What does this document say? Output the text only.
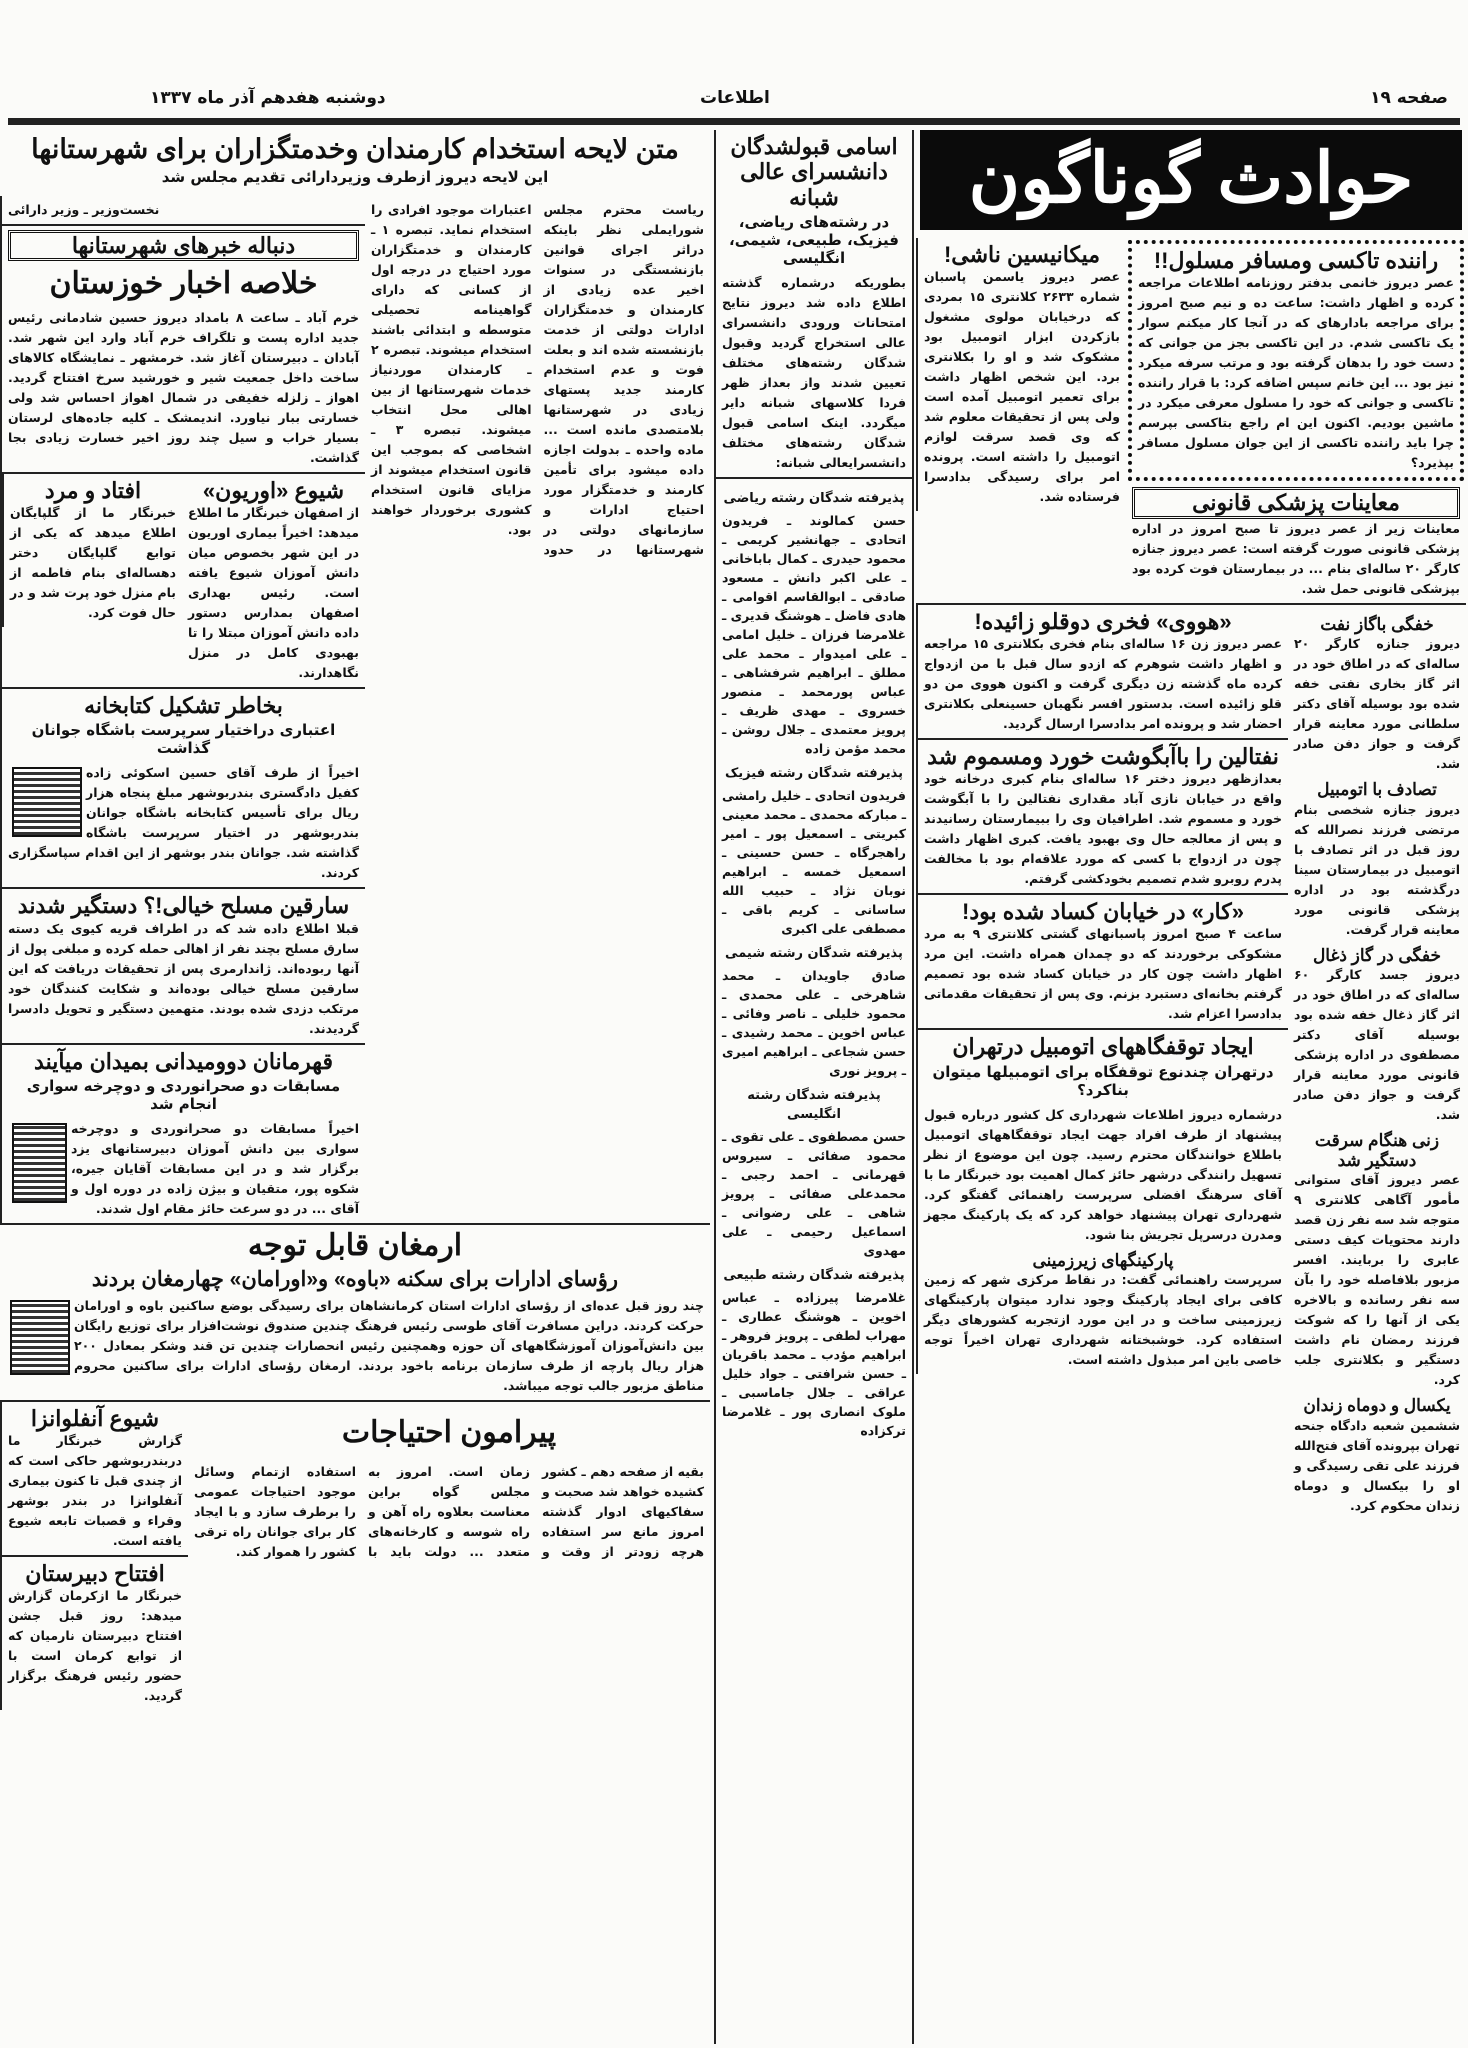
صفحه ۱۹
اطلاعات
دوشنبه هفدهم آذر ماه ۱۳۳۷
متن لایحه استخدام کارمندان وخدمتگزاران برای شهرستانها
این لایحه دیروز ازطرف وزیردارائی تقدیم مجلس شد
ریاست محترم مجلس شورایملی نظر باینکه دراثر اجرای قوانین بازنشستگی در سنوات اخیر عده زیادی از کارمندان و خدمتگزاران ادارات دولتی از خدمت بازنشسته شده اند و بعلت فوت و عدم استخدام کارمند جدید پستهای زیادی در شهرستانها بلامتصدی مانده است ... ماده واحده ـ بدولت اجازه داده میشود برای تأمین کارمند و خدمتگزار مورد احتیاج ادارات و سازمانهای دولتی در شهرستانها در حدود اعتبارات موجود افرادی را استخدام نماید. تبصره ۱ ـ کارمندان و خدمتگزاران مورد احتیاج در درجه اول از کسانی که دارای گواهینامه تحصیلی متوسطه و ابتدائی باشند استخدام میشوند. تبصره ۲ ـ کارمندان موردنیاز خدمات شهرستانها از بین اهالی محل انتخاب میشوند. تبصره ۳ ـ اشخاصی که بموجب این قانون استخدام میشوند از مزایای قانون استخدام کشوری برخوردار خواهند بود.
نخست‌وزیر ـ وزیر دارائی
دنباله خبرهای شهرستانها
خلاصه اخبار خوزستان
خرم آباد ـ ساعت ۸ بامداد دیروز حسین شادمانی رئیس جدید اداره پست و تلگراف خرم آباد وارد این شهر شد. آبادان ـ دبیرستان آغاز شد. خرمشهر ـ نمایشگاه کالاهای ساخت داخل جمعیت شیر و خورشید سرخ افتتاح گردید. اهواز ـ زلزله خفیفی در شمال اهواز احساس شد ولی خسارتی ببار نیاورد. اندیمشک ـ کلیه جاده‌های لرستان بسیار خراب و سیل چند روز اخیر خسارت زیادی بجا گذاشت.
شیوع «اوریون»
از اصفهان خبرنگار ما اطلاع میدهد: اخیراً بیماری اوریون در این شهر بخصوص میان دانش آموزان شیوع یافته است. رئیس بهداری اصفهان بمدارس دستور داده دانش آموزان مبتلا را تا بهبودی کامل در منزل نگاهدارند.
افتاد و مرد
خبرنگار ما از گلپایگان اطلاع میدهد که یکی از توابع گلپایگان دختر دهساله‌ای بنام فاطمه از بام منزل خود پرت شد و در حال فوت کرد.
بخاطر تشکیل کتابخانه
اعتباری دراختیار سرپرست باشگاه جوانان گذاشت
اخیراً از طرف آقای حسین اسکوئی زاده کفیل دادگستری بندربوشهر مبلغ پنجاه هزار ریال برای تأسیس کتابخانه باشگاه جوانان بندربوشهر در اختیار سرپرست باشگاه گذاشته شد. جوانان بندر بوشهر از این اقدام سپاسگزاری کردند.
سارقین مسلح خیالی!؟ دستگیر شدند
قبلا اطلاع داده شد که در اطراف قریه کیوی یک دسته سارق مسلح بچند نفر از اهالی حمله کرده و مبلغی پول از آنها ربوده‌اند. ژاندارمری پس از تحقیقات دریافت که این سارقین مسلح خیالی بوده‌اند و شکایت کنندگان خود مرتکب دزدی شده بودند. متهمین دستگیر و تحویل دادسرا گردیدند.
قهرمانان دوومیدانی بمیدان میآیند
مسابقات دو صحرانوردی و دوچرخه سواری انجام شد
اخیراً مسابقات دو صحرانوردی و دوچرخه سواری بین دانش آموزان دبیرستانهای یزد برگزار شد و در این مسابقات آقایان جیره، شکوه پور، متقیان و بیژن زاده در دوره اول و آقای ... در دو سرعت حائز مقام اول شدند.
ارمغان قابل توجه
رؤسای ادارات برای سکنه «باوه» و«اورامان» چهارمغان بردند
چند روز قبل عده‌ای از رؤسای ادارات استان کرمانشاهان برای رسیدگی بوضع ساکنین باوه و اورامان حرکت کردند. دراین مسافرت آقای طوسی رئیس فرهنگ چندین صندوق نوشت‌افزار برای توزیع رایگان بین دانش‌آموزان آموزشگاههای آن حوزه وهمچنین رئیس انحصارات چندین تن قند وشکر بمعادل ۲۰۰ هزار ریال پارچه از طرف سازمان برنامه باخود بردند. ارمغان رؤسای ادارات برای ساکنین محروم مناطق مزبور جالب توجه میباشد.
پیرامون احتیاجات
بقیه از صفحه دهم ـ کشور کشیده خواهد شد صحبت و سفاکیهای ادوار گذشته امروز مانع سر استفاده هرچه زودتر از وقت و زمان است. امروز به مجلس گواه براین معناست بعلاوه راه آهن و راه شوسه و کارخانه‌های متعدد ... دولت باید با استفاده ازتمام وسائل موجود احتیاجات عمومی را برطرف سازد و با ایجاد کار برای جوانان راه ترقی کشور را هموار کند.
شیوع آنفلوانزا
گزارش خبرنگار ما دربندربوشهر حاکی است که از چندی قبل تا کنون بیماری آنفلوانزا در بندر بوشهر وقراء و قصبات تابعه شیوع یافته است.
افتتاح دبیرستان
خبرنگار ما ازکرمان گزارش میدهد: روز قبل جشن افتتاح دبیرستان نارمیان که از توابع کرمان است با حضور رئیس فرهنگ برگزار گردید.
اسامی قبولشدگان دانشسرای عالی شبانه
در رشته‌های ریاضی، فیزیک، طبیعی، شیمی، انگلیسی
بطوریکه درشماره گذشته اطلاع داده شد دیروز نتایج امتحانات ورودی دانشسرای عالی استخراج گردید وقبول شدگان رشته‌های مختلف تعیین شدند واز بعداز ظهر فردا کلاسهای شبانه دایر میگردد. اینک اسامی قبول شدگان رشته‌های مختلف دانشسرایعالی شبانه:
پذیرفته شدگان رشته ریاضی
حسن کمالوند ـ فریدون اتحادی ـ جهانشیر کریمی ـ محمود حیدری ـ کمال باباخانی ـ علی اکبر دانش ـ مسعود صادقی ـ ابوالقاسم اقوامی ـ هادی فاضل ـ هوشنگ قدیری ـ غلامرضا فرزان ـ خلیل امامی ـ علی امیدوار ـ محمد علی مطلق ـ ابراهیم شرفشاهی ـ عباس پورمحمد ـ منصور خسروی ـ مهدی ظریف ـ پرویز معتمدی ـ جلال روشن ـ محمد مؤمن زاده
پذیرفته شدگان رشته فیزیک
فریدون اتحادی ـ خلیل رامشی ـ مبارکه محمدی ـ محمد معینی کبریتی ـ اسمعیل پور ـ امیر راهجرگاه ـ حسن حسینی ـ اسمعیل خمسه ـ ابراهیم نوبان نژاد ـ حبیب الله ساسانی ـ کریم باقی ـ مصطفی علی اکبری
پذیرفته شدگان رشته شیمی
صادق جاویدان ـ محمد شاهرخی ـ علی محمدی ـ محمود خلیلی ـ ناصر وفائی ـ عباس اخوین ـ محمد رشیدی ـ حسن شجاعی ـ ابراهیم امیری ـ پرویز نوری
پذیرفته شدگان رشته انگلیسی
حسن مصطفوی ـ علی تقوی ـ محمود صفائی ـ سیروس قهرمانی ـ احمد رجبی ـ محمدعلی صفائی ـ پرویز شاهی ـ علی رضوانی ـ اسماعیل رحیمی ـ علی مهدوی
پذیرفته شدگان رشته طبیعی
غلامرضا پیرزاده ـ عباس اخوین ـ هوشنگ عطاری ـ مهراب لطفی ـ پرویز فروهر ـ ابراهیم مؤدب ـ محمد باقریان ـ حسن شرافتی ـ جواد خلیل عراقی ـ جلال جاماسبی ـ ملوک انصاری پور ـ غلامرضا ترکزاده
حوادث گوناگون
راننده تاکسی ومسافر مسلول!!
عصر دیروز خانمی بدفتر روزنامه اطلاعات مراجعه کرده و اظهار داشت: ساعت ده و نیم صبح امروز برای مراجعه بادارهای که در آنجا کار میکنم سوار یک تاکسی شدم. در این تاکسی بجز من جوانی که دست خود را بدهان گرفته بود و مرتب سرفه میکرد نیز بود ... این خانم سپس اضافه کرد: با قرار راننده تاکسی و جوانی که خود را مسلول معرفی میکرد در ماشین بودیم. اکنون این ام راجع بتاکسی بپرسم چرا باید راننده تاکسی از این جوان مسلول مسافر بپذیرد؟
معاینات پزشکی قانونی
معاینات زیر از عصر دیروز تا صبح امروز در اداره پزشکی قانونی صورت گرفته است: عصر دیروز جنازه کارگر ۲۰ ساله‌ای بنام ... در بیمارستان فوت کرده بود بپزشکی قانونی حمل شد.
میکانیسین ناشی!
عصر دیروز یاسمن پاسبان شماره ۲۶۳۳ کلانتری ۱۵ بمردی که درخیابان مولوی مشغول بازکردن ابزار اتومبیل بود مشکوک شد و او را بکلانتری برد. این شخص اظهار داشت برای تعمیر اتومبیل آمده است ولی پس از تحقیقات معلوم شد که وی قصد سرقت لوازم اتومبیل را داشته است. پرونده امر برای رسیدگی بدادسرا فرستاده شد.
خفگی باگاز نفت
دیروز جنازه کارگر ۲۰ ساله‌ای که در اطاق خود در اثر گاز بخاری نفتی خفه شده بود بوسیله آقای دکتر سلطانی مورد معاینه قرار گرفت و جواز دفن صادر شد.
تصادف با اتومبیل
دیروز جنازه شخصی بنام مرتضی فرزند نصرالله که روز قبل در اثر تصادف با اتومبیل در بیمارستان سینا درگذشته بود در اداره پزشکی قانونی مورد معاینه قرار گرفت.
خفگی در گاز ذغال
دیروز جسد کارگر ۶۰ ساله‌ای که در اطاق خود در اثر گاز ذغال خفه شده بود بوسیله آقای دکتر مصطفوی در اداره پزشکی قانونی مورد معاینه قرار گرفت و جواز دفن صادر شد.
زنی هنگام سرقت دستگیر شد
عصر دیروز آقای ستوانی مأمور آگاهی کلانتری ۹ متوجه شد سه نفر زن قصد دارند محتویات کیف دستی عابری را بربایند. افسر مزبور بلافاصله خود را بآن سه نفر رسانده و بالاخره یکی از آنها را که شوکت فرزند رمضان نام داشت دستگیر و بکلانتری جلب کرد.
یکسال و دوماه زندان
ششمین شعبه دادگاه جنحه تهران بپرونده آقای فتح‌الله فرزند علی تقی رسیدگی و او را بیکسال و دوماه زندان محکوم کرد.
«هووی» فخری دوقلو زائیده!
عصر دیروز زن ۱۶ ساله‌ای بنام فخری بکلانتری ۱۵ مراجعه و اظهار داشت شوهرم که ازدو سال قبل با من ازدواج کرده ماه گذشته زن دیگری گرفت و اکنون هووی من دو قلو زائیده است. بدستور افسر نگهبان حسینعلی بکلانتری احضار شد و پرونده امر بدادسرا ارسال گردید.
نفتالین را باآبگوشت خورد ومسموم شد
بعدازظهر دیروز دختر ۱۶ ساله‌ای بنام کبری درخانه خود واقع در خیابان نازی آباد مقداری نفتالین را با آبگوشت خورد و مسموم شد. اطرافیان وی را ببیمارستان رسانیدند و پس از معالجه حال وی بهبود یافت. کبری اظهار داشت چون در ازدواج با کسی که مورد علاقه‌ام بود با مخالفت پدرم روبرو شدم تصمیم بخودکشی گرفتم.
«کار» در خیابان کساد شده بود!
ساعت ۴ صبح امروز پاسبانهای گشتی کلانتری ۹ به مرد مشکوکی برخوردند که دو چمدان همراه داشت. این مرد اظهار داشت چون کار در خیابان کساد شده بود تصمیم گرفتم بخانه‌ای دستبرد بزنم. وی پس از تحقیقات مقدماتی بدادسرا اعزام شد.
ایجاد توقفگاههای اتومبیل درتهران
درتهران چندنوع توقفگاه برای اتومبیلها میتوان بناکرد؟
درشماره دیروز اطلاعات شهرداری کل کشور درباره قبول پیشنهاد از طرف افراد جهت ایجاد توقفگاههای اتومبیل باطلاع خوانندگان محترم رسید. چون این موضوع از نظر تسهیل رانندگی درشهر حائز کمال اهمیت بود خبرنگار ما با آقای سرهنگ افضلی سرپرست راهنمائی گفتگو کرد. شهرداری تهران پیشنهاد خواهد کرد که یک پارکینگ مجهز ومدرن درسرپل تجریش بنا شود.
پارکینگهای زیرزمینی
سرپرست راهنمائی گفت: در نقاط مرکزی شهر که زمین کافی برای ایجاد پارکینگ وجود ندارد میتوان پارکینگهای زیرزمینی ساخت و در این مورد ازتجربه کشورهای دیگر استفاده کرد. خوشبختانه شهرداری تهران اخیراً توجه خاصی باین امر مبذول داشته است.
